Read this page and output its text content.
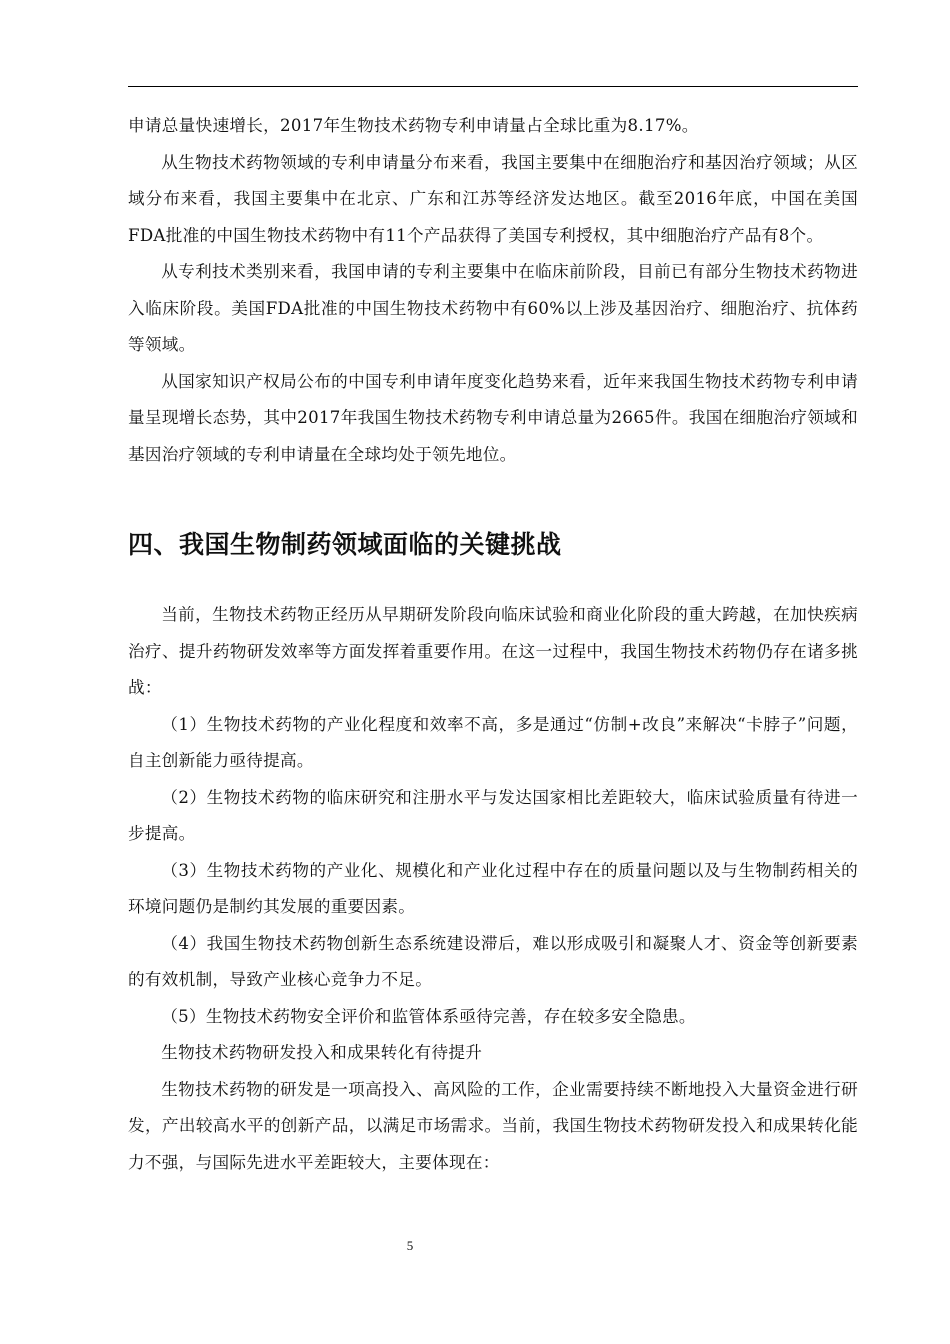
申请总量快速增长，2017年生物技术药物专利申请量占全球比重为8.17%。

从生物技术药物领域的专利申请量分布来看，我国主要集中在细胞治疗和基因治疗领域；从区域分布来看，我国主要集中在北京、广东和江苏等经济发达地区。截至2016年底，中国在美国FDA批准的中国生物技术药物中有11个产品获得了美国专利授权，其中细胞治疗产品有8个。

从专利技术类别来看，我国申请的专利主要集中在临床前阶段，目前已有部分生物技术药物进入临床阶段。美国FDA批准的中国生物技术药物中有60%以上涉及基因治疗、细胞治疗、抗体药等领域。

从国家知识产权局公布的中国专利申请年度变化趋势来看，近年来我国生物技术药物专利申请量呈现增长态势，其中2017年我国生物技术药物专利申请总量为2665件。我国在细胞治疗领域和基因治疗领域的专利申请量在全球均处于领先地位。

四、我国生物制药领域面临的关键挑战

当前，生物技术药物正经历从早期研发阶段向临床试验和商业化阶段的重大跨越，在加快疾病治疗、提升药物研发效率等方面发挥着重要作用。在这一过程中，我国生物技术药物仍存在诸多挑战：

（1）生物技术药物的产业化程度和效率不高，多是通过“仿制+改良”来解决“卡脖子”问题，自主创新能力亟待提高。

（2）生物技术药物的临床研究和注册水平与发达国家相比差距较大，临床试验质量有待进一步提高。

（3）生物技术药物的产业化、规模化和产业化过程中存在的质量问题以及与生物制药相关的环境问题仍是制约其发展的重要因素。

（4）我国生物技术药物创新生态系统建设滞后，难以形成吸引和凝聚人才、资金等创新要素的有效机制，导致产业核心竞争力不足。

（5）生物技术药物安全评价和监管体系亟待完善，存在较多安全隐患。

生物技术药物研发投入和成果转化有待提升

生物技术药物的研发是一项高投入、高风险的工作，企业需要持续不断地投入大量资金进行研发，产出较高水平的创新产品，以满足市场需求。当前，我国生物技术药物研发投入和成果转化能力不强，与国际先进水平差距较大，主要体现在：

5
